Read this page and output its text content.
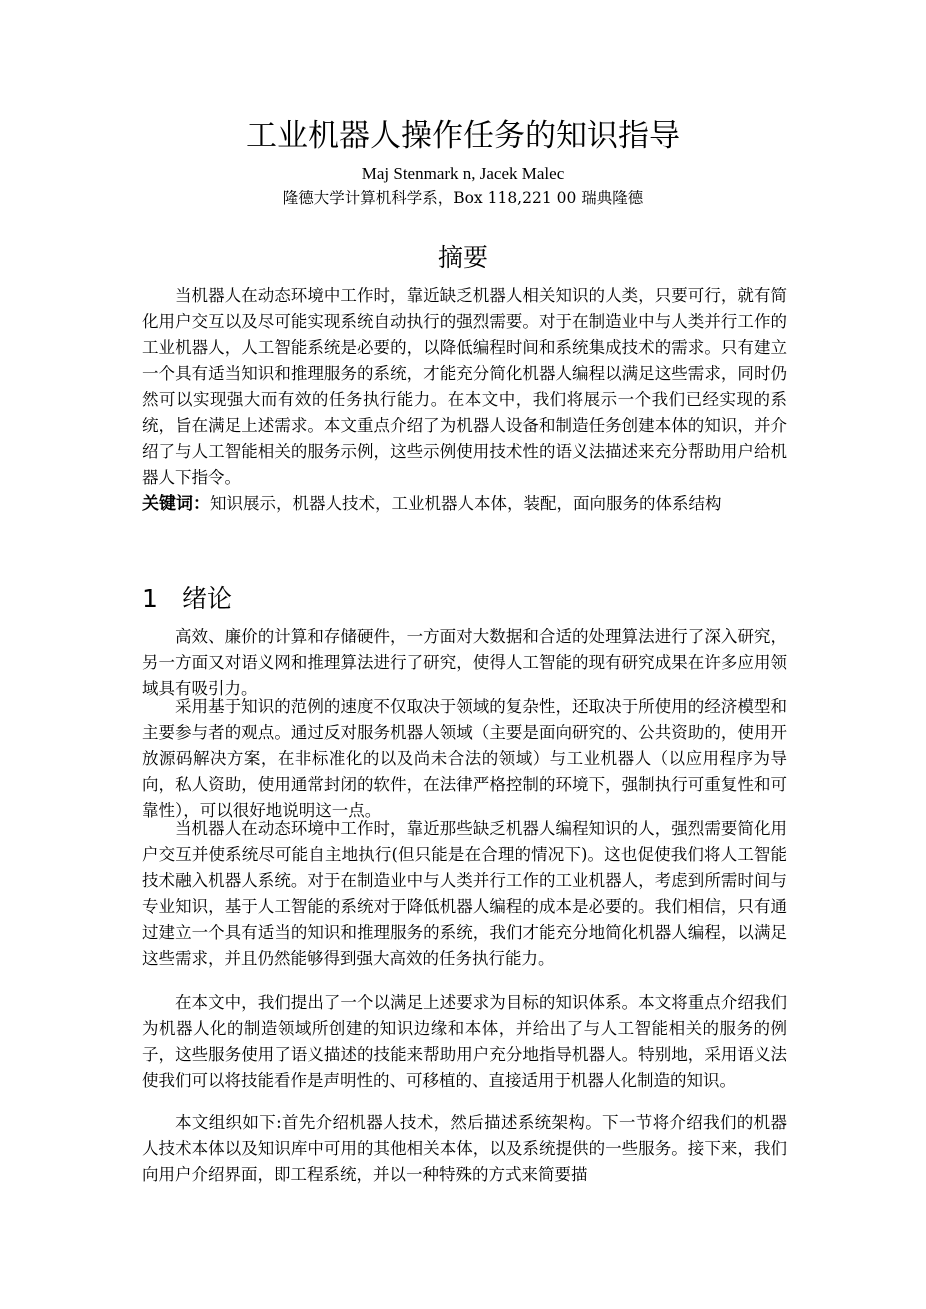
工业机器人操作任务的知识指导
Maj Stenmark n, Jacek Malec
隆德大学计算机科学系，Box 118,221 00 瑞典隆德
摘要

当机器人在动态环境中工作时，靠近缺乏机器人相关知识的人类，只要可行，就有简化用户交互以及尽可能实现系统自动执行的强烈需要。对于在制造业中与人类并行工作的工业机器人，人工智能系统是必要的，以降低编程时间和系统集成技术的需求。只有建立一个具有适当知识和推理服务的系统，才能充分简化机器人编程以满足这些需求，同时仍然可以实现强大而有效的任务执行能力。在本文中，我们将展示一个我们已经实现的系统，旨在满足上述需求。本文重点介绍了为机器人设备和制造任务创建本体的知识，并介绍了与人工智能相关的服务示例，这些示例使用技术性的语义法描述来充分帮助用户给机器人下指令。

关键词：知识展示，机器人技术，工业机器人本体，装配，面向服务的体系结构

1 绪论

高效、廉价的计算和存储硬件，一方面对大数据和合适的处理算法进行了深入研究，另一方面又对语义网和推理算法进行了研究，使得人工智能的现有研究成果在许多应用领域具有吸引力。

采用基于知识的范例的速度不仅取决于领域的复杂性，还取决于所使用的经济模型和主要参与者的观点。通过反对服务机器人领域（主要是面向研究的、公共资助的，使用开放源码解决方案，在非标准化的以及尚未合法的领域）与工业机器人（以应用程序为导向，私人资助，使用通常封闭的软件，在法律严格控制的环境下，强制执行可重复性和可靠性），可以很好地说明这一点。

当机器人在动态环境中工作时，靠近那些缺乏机器人编程知识的人，强烈需要简化用户交互并使系统尽可能自主地执行(但只能是在合理的情况下)。这也促使我们将人工智能技术融入机器人系统。对于在制造业中与人类并行工作的工业机器人，考虑到所需时间与专业知识，基于人工智能的系统对于降低机器人编程的成本是必要的。我们相信，只有通过建立一个具有适当的知识和推理服务的系统，我们才能充分地简化机器人编程，以满足这些需求，并且仍然能够得到强大高效的任务执行能力。

在本文中，我们提出了一个以满足上述要求为目标的知识体系。本文将重点介绍我们为机器人化的制造领域所创建的知识边缘和本体，并给出了与人工智能相关的服务的例子，这些服务使用了语义描述的技能来帮助用户充分地指导机器人。特别地，采用语义法使我们可以将技能看作是声明性的、可移植的、直接适用于机器人化制造的知识。

本文组织如下:首先介绍机器人技术，然后描述系统架构。下一节将介绍我们的机器人技术本体以及知识库中可用的其他相关本体，以及系统提供的一些服务。接下来，我们向用户介绍界面，即工程系统，并以一种特殊的方式来简要描
